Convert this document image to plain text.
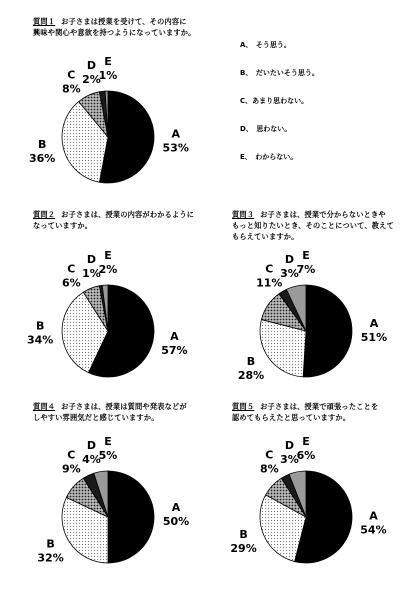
質問１ お子さまは授業を受けて、その内容に
興味や関心や意欲を持つようになっていますか。
A、　そう思う。
B、　だいたいそう思う。
C、あまり思わない。
D、　思わない。
E、　わからない。
質問２ お子さまは、授業の内容がわかるように
なっていますか。
質問３ お子さまは、授業で分からないときや
もっと知りたいとき、そのことについて、教えて
もらえていますか。
質問４ お子さまは、授業は質問や発表などが
しやすい雰囲気だと感じていますか。
質問５ お子さまは、授業で頑張ったことを
認めてもらえたと思っていますか。
A
53%
B
36%
C
8%
D
2%
E
1%
A
57%
B
34%
C
6%
D
1%
E
2%
A
51%
B
28%
C
11%
D
3%
E
7%
A
50%
B
32%
C
9%
D
4%
E
5%
A
54%
B
29%
C
8%
D
3%
E
6%
